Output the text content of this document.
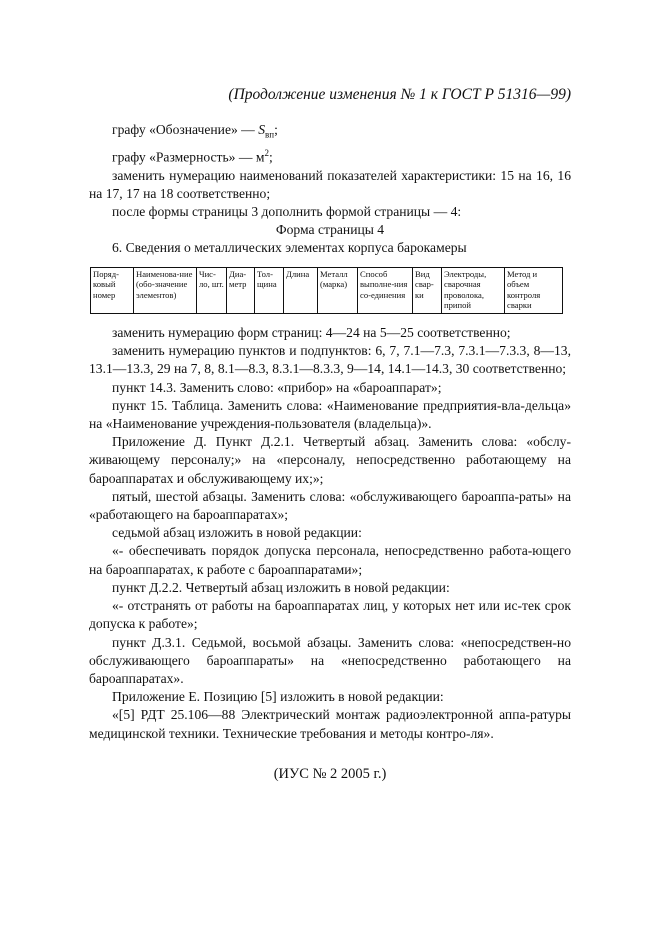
(Продолжение изменения № 1 к ГОСТ Р 51316—99)

графу «Обозначение» — $S_{вп}$;

графу «Размерность» — $м^2$;

заменить нумерацию наименований показателей характеристики: 15 на 16, 16 на 17, 17 на 18 соответственно;

после формы страницы 3 дополнить формой страницы — 4:

Форма страницы 4

6. Сведения о металлических элементах корпуса барокамеры

Поряд-ковый номер	Наименова-ние (обо-значение элементов)	Чис-ло, шт.	Диа-метр	Тол-щина	Длина	Металл (марка)	Способ выполне-ния со-единения	Вид свар-ки	Электроды, сварочная проволока, припой	Метод и объем контроля сварки

заменить нумерацию форм страниц: 4—24 на 5—25 соответственно;

заменить нумерацию пунктов и подпунктов: 6, 7, 7.1—7.3, 7.3.1—7.3.3, 8—13, 13.1—13.3, 29 на 7, 8, 8.1—8.3, 8.3.1—8.3.3, 9—14, 14.1—14.3, 30 соответственно;

пункт 14.3. Заменить слово: «прибор» на «бароаппарат»;

пункт 15. Таблица. Заменить слова: «Наименование предприятия-вла-дельца» на «Наименование учреждения-пользователя (владельца)».

Приложение Д. Пункт Д.2.1. Четвертый абзац. Заменить слова: «обслу-живающему персоналу;» на «персоналу, непосредственно работающему на бароаппаратах и обслуживающему их;»;

пятый, шестой абзацы. Заменить слова: «обслуживающего бароаппа-раты» на «работающего на бароаппаратах»;

седьмой абзац изложить в новой редакции:

«- обеспечивать порядок допуска персонала, непосредственно работа-ющего на бароаппаратах, к работе с бароаппаратами»;

пункт Д.2.2. Четвертый абзац изложить в новой редакции:

«- отстранять от работы на бароаппаратах лиц, у которых нет или ис-тек срок допуска к работе»;

пункт Д.3.1. Седьмой, восьмой абзацы. Заменить слова: «непосредствен-но обслуживающего бароаппараты» на «непосредственно работающего на бароаппаратах».

Приложение Е. Позицию [5] изложить в новой редакции:

«[5] РДТ 25.106—88 Электрический монтаж радиоэлектронной аппа-ратуры медицинской техники. Технические требования и методы контро-ля».

(ИУС № 2 2005 г.)
